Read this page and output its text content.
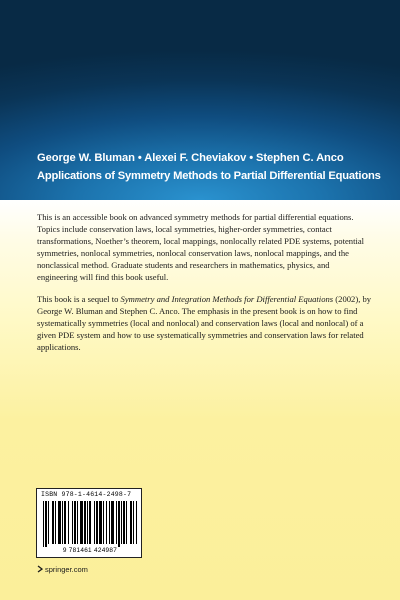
George W. Bluman • Alexei F. Cheviakov • Stephen C. Anco
Applications of Symmetry Methods to Partial Differential Equations

This is an accessible book on advanced symmetry methods for partial differential equations. Topics include conservation laws, local symmetries, higher-order symmetries, contact transformations, Noether’s theorem, local mappings, nonlocally related PDE systems, potential symmetries, nonlocal symmetries, nonlocal conservation laws, nonlocal mappings, and the nonclassical method. Graduate students and researchers in mathematics, physics, and engineering will find this book useful.

This book is a sequel to Symmetry and Integration Methods for Differential Equations (2002), by George W. Bluman and Stephen C. Anco. The emphasis in the present book is on how to find systematically symmetries (local and nonlocal) and conservation laws (local and nonlocal) of a given PDE system and how to use systematically symmetries and conservation laws for related applications.

ISBN 978-1-4614-2498-7
9 781461 424987
springer.com
